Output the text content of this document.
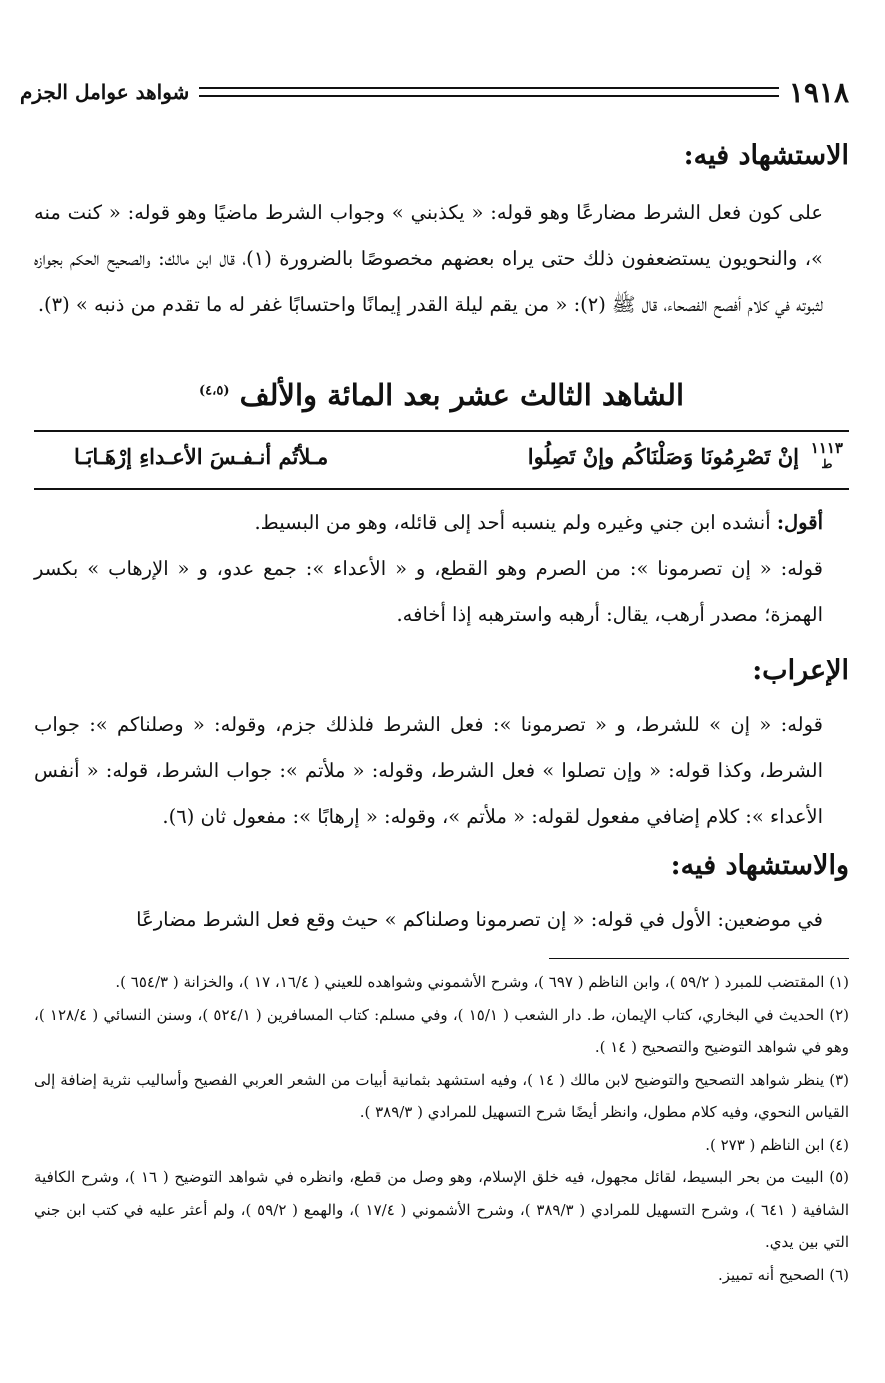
١٩١٨
شواهد عوامل الجزم
الاستشهاد فيه:
على كون فعل الشرط مضارعًا وهو قوله: « يكذبني » وجواب الشرط ماضيًا وهو قوله: « كنت منه »، والنحويون يستضعفون ذلك حتى يراه بعضهم مخصوصًا بالضرورة (١)، قال ابن مالك: والصحيح الحكم بجوازه لثبوته في كلام أفصح الفصحاء، قال ﷺ (٢): « من يقم ليلة القدر إيمانًا واحتسابًا غفر له ما تقدم من ذنبه » (٣).
الشاهد الثالث عشر بعد المائة والألف $^{(٤،٥)}$
١١١٣
ط
إنْ تَصْرِمُونَا وَصَلْنَاكُم وإنْ تَصِلُوا
مـلأتُم أنـفـسَ الأعـداءِ إرْهَـابَـا
أقول: أنشده ابن جني وغيره ولم ينسبه أحد إلى قائله، وهو من البسيط.
قوله: « إن تصرمونا »: من الصرم وهو القطع، و « الأعداء »: جمع عدو، و « الإرهاب » بكسر الهمزة؛ مصدر أرهب، يقال: أرهبه واسترهبه إذا أخافه.
الإعراب:
قوله: « إن » للشرط، و « تصرمونا »: فعل الشرط فلذلك جزم، وقوله: « وصلناكم »: جواب الشرط، وكذا قوله: « وإن تصلوا » فعل الشرط، وقوله: « ملأتم »: جواب الشرط، قوله: « أنفس الأعداء »: كلام إضافي مفعول لقوله: « ملأتم »، وقوله: « إرهابًا »: مفعول ثان (٦).
والاستشهاد فيه:
في موضعين: الأول في قوله: « إن تصرمونا وصلناكم » حيث وقع فعل الشرط مضارعًا

(١) المقتضب للمبرد ( ٥٩/٢ )، وابن الناظم ( ٦٩٧ )، وشرح الأشموني وشواهده للعيني ( ١٦/٤، ١٧ )، والخزانة ( ٦٥٤/٣ ).

(٢) الحديث في البخاري، كتاب الإيمان، ط. دار الشعب ( ١٥/١ )، وفي مسلم: كتاب المسافرين ( ٥٢٤/١ )، وسنن النسائي ( ١٢٨/٤ )، وهو في شواهد التوضيح والتصحيح ( ١٤ ).

(٣) ينظر شواهد التصحيح والتوضيح لابن مالك ( ١٤ )، وفيه استشهد بثمانية أبيات من الشعر العربي الفصيح وأساليب نثرية إضافة إلى القياس النحوي، وفيه كلام مطول، وانظر أيضًا شرح التسهيل للمرادي ( ٣٨٩/٣ ).

(٤) ابن الناظم ( ٢٧٣ ).

(٥) البيت من بحر البسيط، لقائل مجهول، فيه خلق الإسلام، وهو وصل من قطع، وانظره في شواهد التوضيح ( ١٦ )، وشرح الكافية الشافية ( ٦٤١ )، وشرح التسهيل للمرادي ( ٣٨٩/٣ )، وشرح الأشموني ( ١٧/٤ )، والهمع ( ٥٩/٢ )، ولم أعثر عليه في كتب ابن جني التي بين يدي.

(٦) الصحيح أنه تمييز.
